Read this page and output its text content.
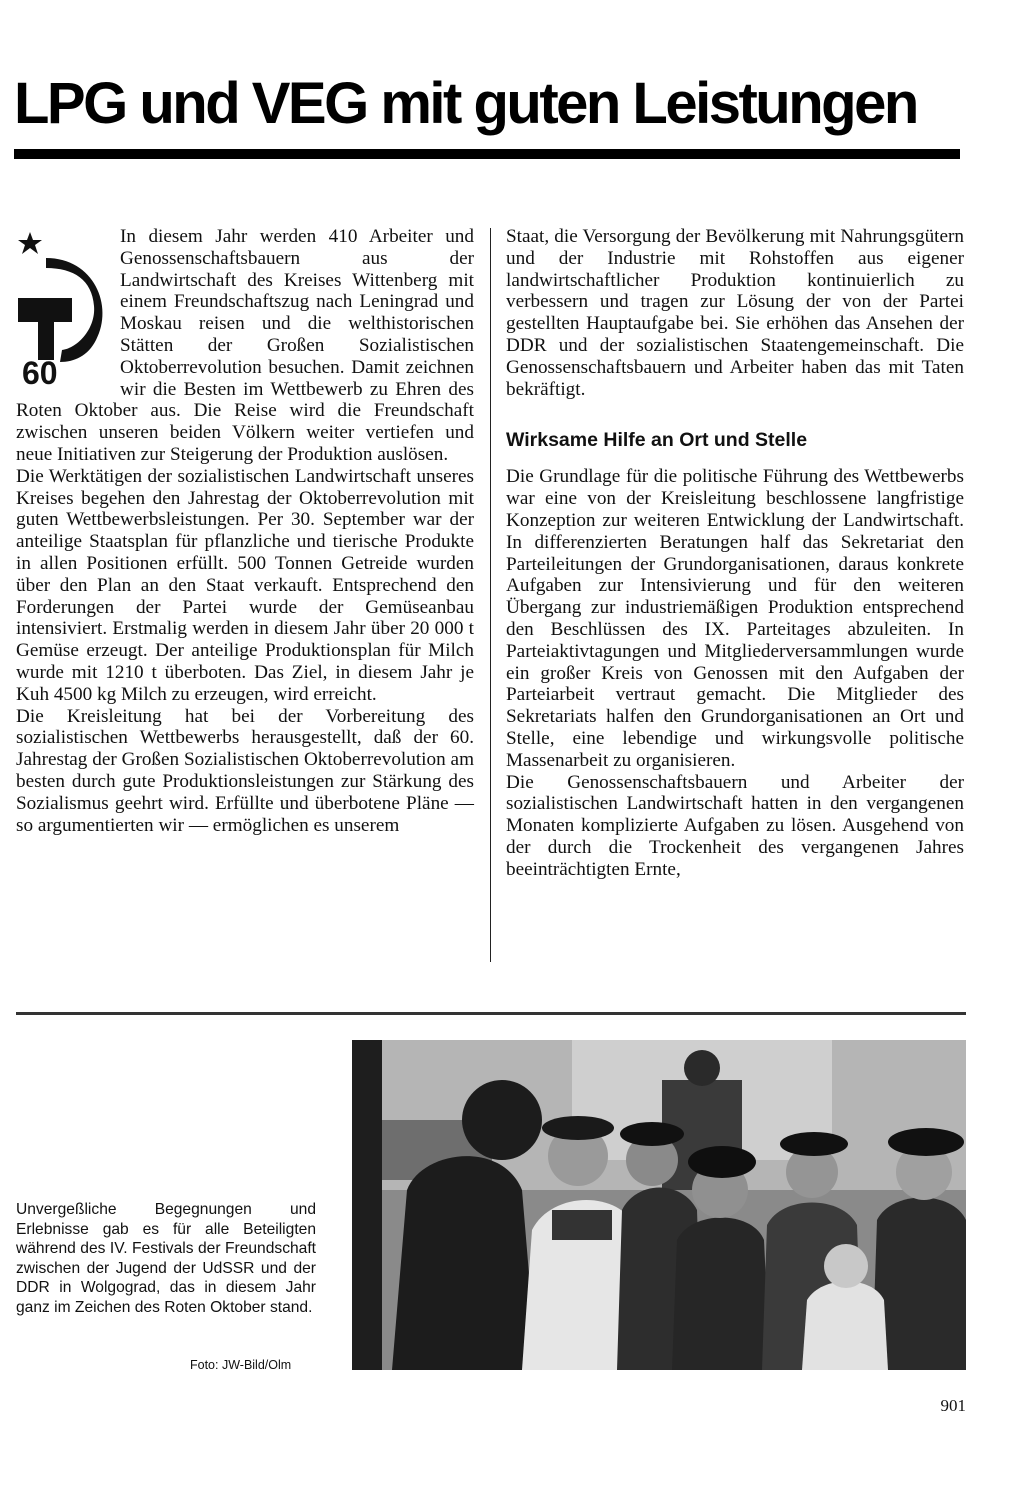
LPG und VEG mit guten Leistungen
60

In diesem Jahr werden 410 Arbeiter und Genossenschaftsbauern aus der Landwirtschaft des Kreises Wittenberg mit einem Freundschaftszug nach Leningrad und Moskau reisen und die welthistorischen Stätten der Großen Sozialistischen Oktoberrevolution besuchen. Damit zeichnen wir die Besten im Wettbewerb zu Ehren des Roten Oktober aus. Die Reise wird die Freundschaft zwischen unseren beiden Völkern weiter vertiefen und neue Initiativen zur Steigerung der Produktion auslösen.

Die Werktätigen der sozialistischen Landwirtschaft unseres Kreises begehen den Jahrestag der Oktoberrevolution mit guten Wettbewerbsleistungen. Per 30. September war der anteilige Staatsplan für pflanzliche und tierische Produkte in allen Positionen erfüllt. 500 Tonnen Getreide wurden über den Plan an den Staat verkauft. Entsprechend den Forderungen der Partei wurde der Gemüseanbau intensiviert. Erstmalig werden in diesem Jahr über 20 000 t Gemüse erzeugt. Der anteilige Produktionsplan für Milch wurde mit 1210 t überboten. Das Ziel, in diesem Jahr je Kuh 4500 kg Milch zu erzeugen, wird erreicht.

Die Kreisleitung hat bei der Vorbereitung des sozialistischen Wettbewerbs herausgestellt, daß der 60. Jahrestag der Großen Sozialistischen Oktoberrevolution am besten durch gute Produktionsleistungen zur Stärkung des Sozialismus geehrt wird. Erfüllte und überbotene Pläne — so argumentierten wir — ermöglichen es unserem

Staat, die Versorgung der Bevölkerung mit Nahrungsgütern und der Industrie mit Rohstoffen aus eigener landwirtschaftlicher Produktion kontinuierlich zu verbessern und tragen zur Lösung der von der Partei gestellten Hauptaufgabe bei. Sie erhöhen das Ansehen der DDR und der sozialistischen Staatengemeinschaft. Die Genossenschaftsbauern und Arbeiter haben das mit Taten bekräftigt.

Wirksame Hilfe an Ort und Stelle

Die Grundlage für die politische Führung des Wettbewerbs war eine von der Kreisleitung beschlossene langfristige Konzeption zur weiteren Entwicklung der Landwirtschaft. In differenzierten Beratungen half das Sekretariat den Parteileitungen der Grundorganisationen, daraus konkrete Aufgaben zur Intensivierung und für den weiteren Übergang zur industriemäßigen Produktion entsprechend den Beschlüssen des IX. Parteitages abzuleiten. In Parteiaktivtagungen und Mitgliederversammlungen wurde ein großer Kreis von Genossen mit den Aufgaben der Parteiarbeit vertraut gemacht. Die Mitglieder des Sekretariats halfen den Grundorganisationen an Ort und Stelle, eine lebendige und wirkungsvolle politische Massenarbeit zu organisieren.

Die Genossenschaftsbauern und Arbeiter der sozialistischen Landwirtschaft hatten in den vergangenen Monaten komplizierte Aufgaben zu lösen. Ausgehend von der durch die Trockenheit des vergangenen Jahres beeinträchtigten Ernte,

Unvergeßliche Begegnungen und Erlebnisse gab es für alle Beteiligten während des IV. Festivals der Freundschaft zwischen der Jugend der UdSSR und der DDR in Wolgograd, das in diesem Jahr ganz im Zeichen des Roten Oktober stand.

Foto: JW-Bild/Olm

901
